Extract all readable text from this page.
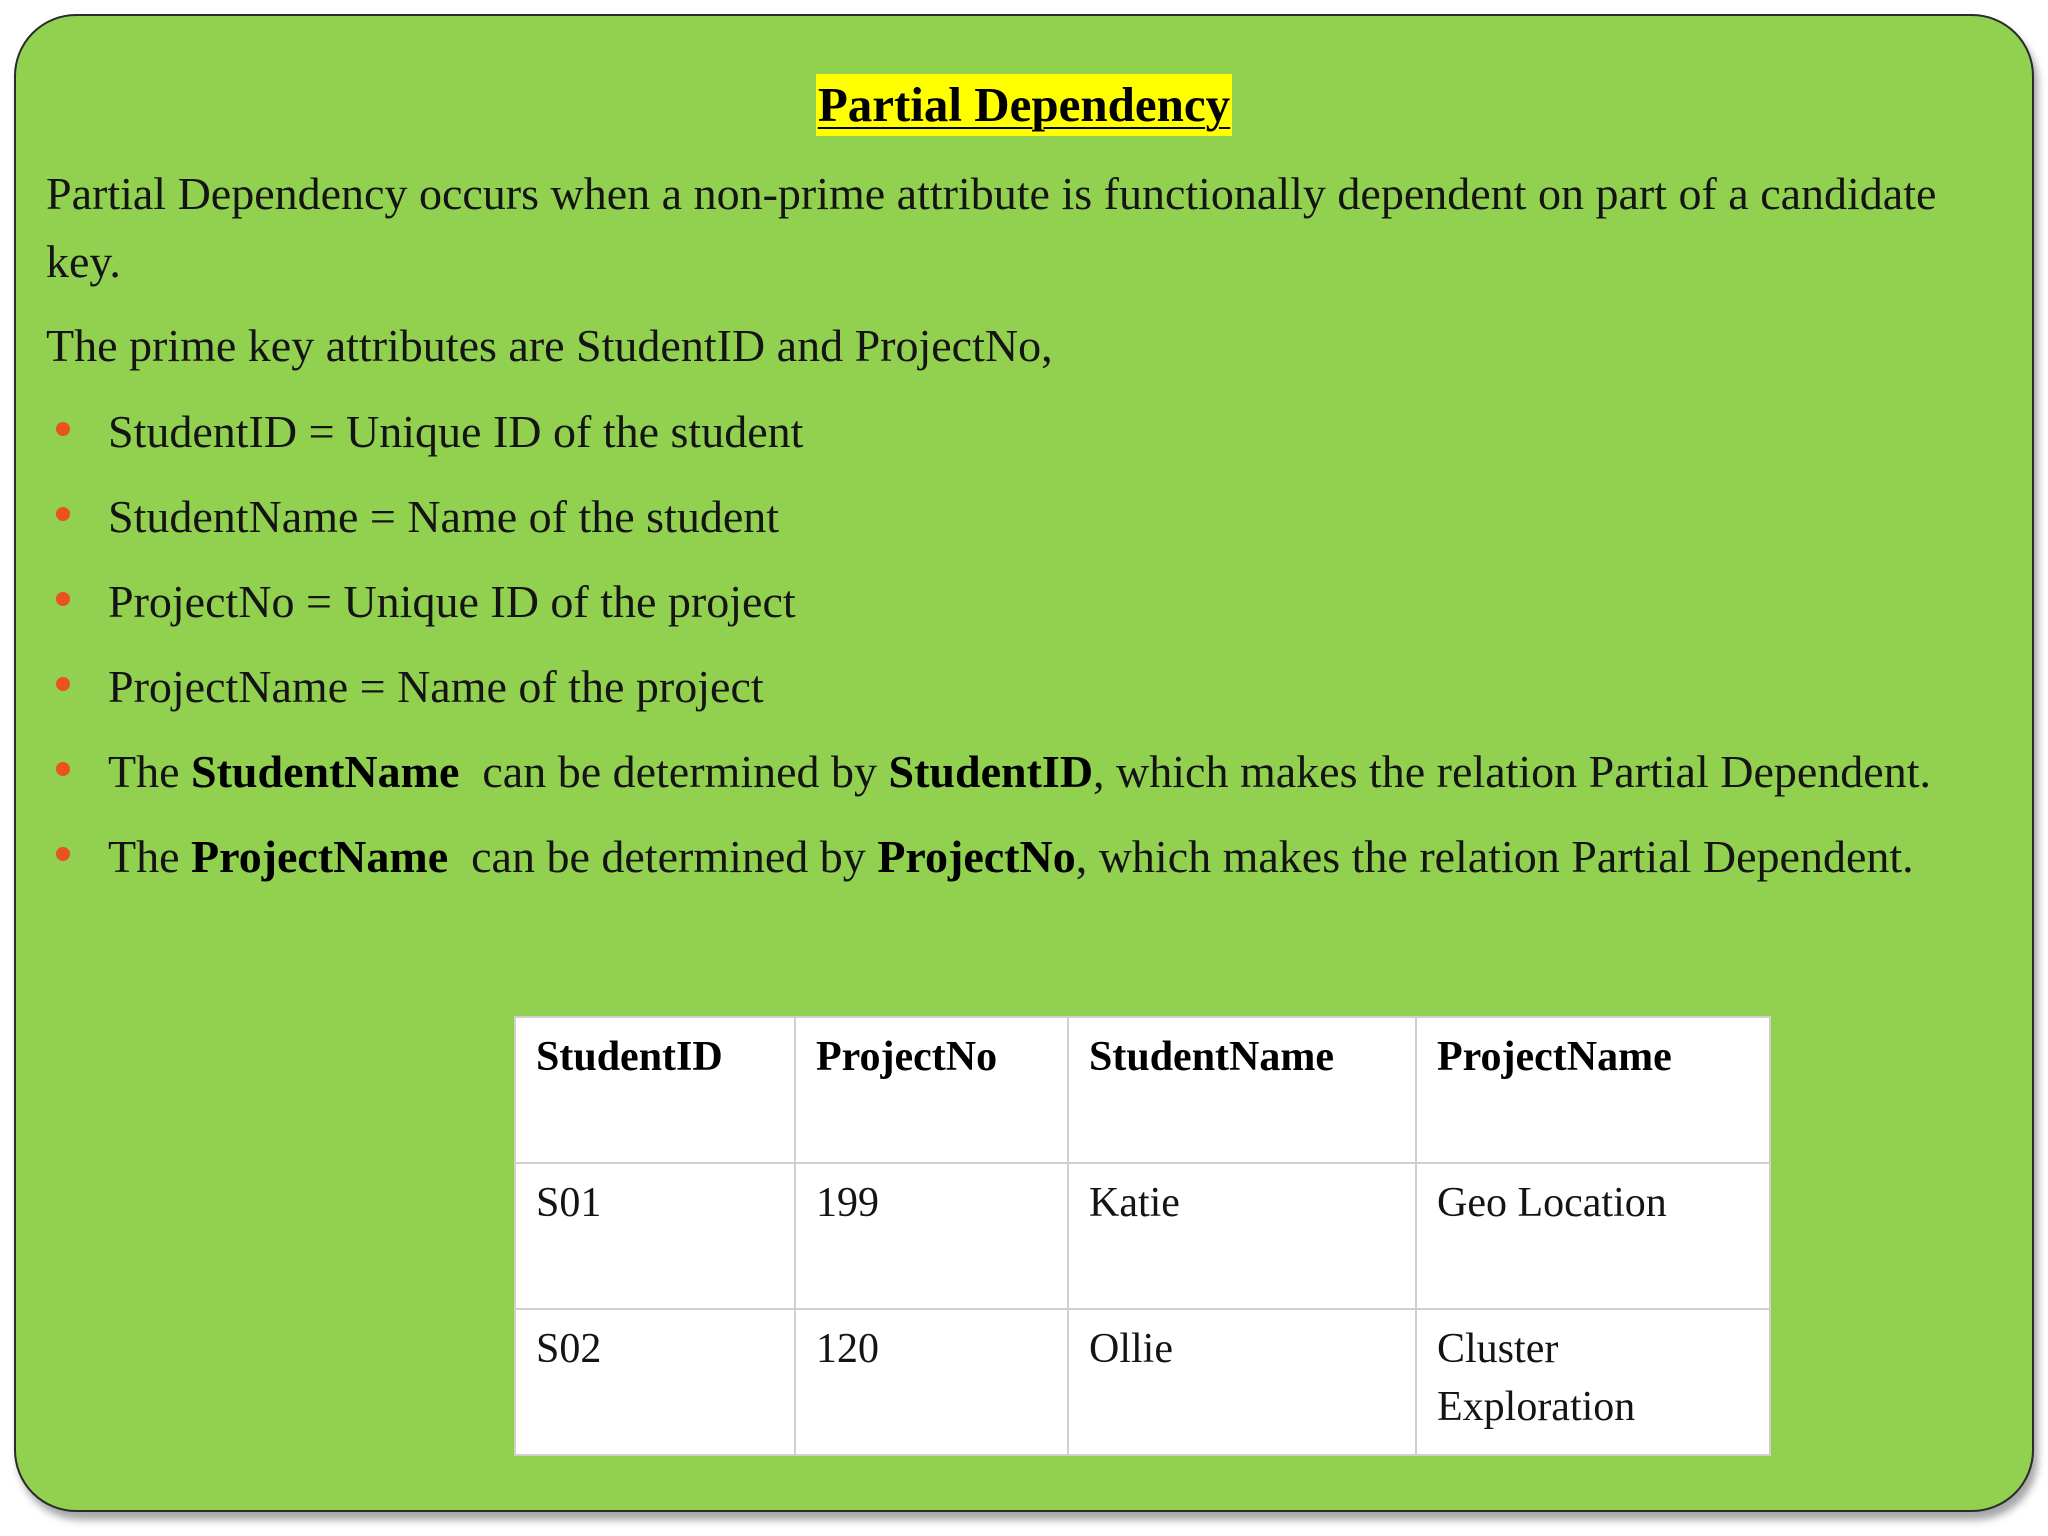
Partial Dependency

Partial Dependency occurs when a non-prime attribute is functionally dependent on part of a candidate key.

The prime key attributes are StudentID and ProjectNo,

StudentID = Unique ID of the student
StudentName = Name of the student
ProjectNo = Unique ID of the project
ProjectName = Name of the project
The StudentName  can be determined by StudentID, which makes the relation Partial Dependent.
The ProjectName  can be determined by ProjectNo, which makes the relation Partial Dependent.
StudentID	ProjectNo	StudentName	ProjectName
S01	199	Katie	Geo Location
S02	120	Ollie	Cluster Exploration
